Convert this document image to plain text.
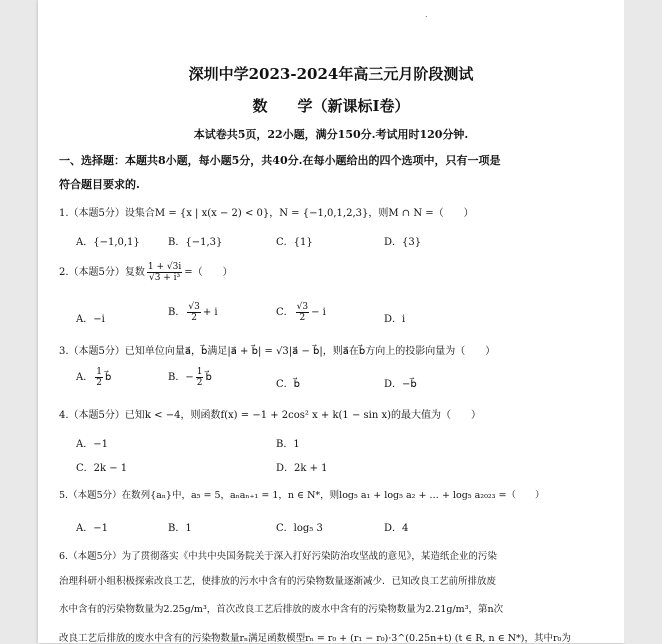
.
深圳中学2023-2024年高三元月阶段测试
数　　学（新课标I卷）
本试卷共5页，22小题，满分150分.考试用时120分钟.
一、选择题：本题共8小题，每小题5分，共40分.在每小题给出的四个选项中，只有一项是
符合题目要求的.
1.（本题5分）设集合M = {x | x(x − 2) < 0}，N = {−1,0,1,2,3}，则M ∩ N =（　　）
A．{−1,0,1}	B．{−1,3}	C．{1}	D．{3}
2.（本题5分）复数 $\frac{1 + √3i}{\text{√3 + i³}}$ =（　　）
A．−i
B． $\frac{√3}{2} + i$	C． $\frac{√3}{2} - i$
D．i
3.（本题5分）已知单位向量a⃗，b⃗满足|a⃗ + b⃗| = √3|a⃗ − b⃗|，则a⃗在b⃗方向上的投影向量为（　　）
A． $\frac{1}{2}$ b⃗	B．− $\frac{1}{2}$ b⃗
C．b⃗	D．−b⃗
4.（本题5分）已知k < −4，则函数f(x) = −1 + 2cos² x + k(1 − sin x)的最大值为（　　）
A．−1	B．1
C．2k − 1	D．2k + 1
5.（本题5分）在数列{aₙ}中，a₅ = 5，aₙaₙ₊₁ = 1，n ∈ N*，则log₅ a₁ + log₅ a₂ + … + log₅ a₂₀₂₃ =（　　）
A．−1	B．1	C．log₅ 3	D．4
6.（本题5分）为了贯彻落实《中共中央国务院关于深入打好污染防治攻坚战的意见》，某造纸企业的污染
治理科研小组积极探索改良工艺，使排放的污水中含有的污染物数量逐渐减少．已知改良工艺前所排放废
水中含有的污染物数量为2.25g/m³，首次改良工艺后排放的废水中含有的污染物数量为2.21g/m³，第n次
改良工艺后排放的废水中含有的污染物数量rₙ满足函数模型rₙ = r₀ + (r₁ − r₀)·3^(0.25n+t) (t ∈ R, n ∈ N*)，其中r₀为
